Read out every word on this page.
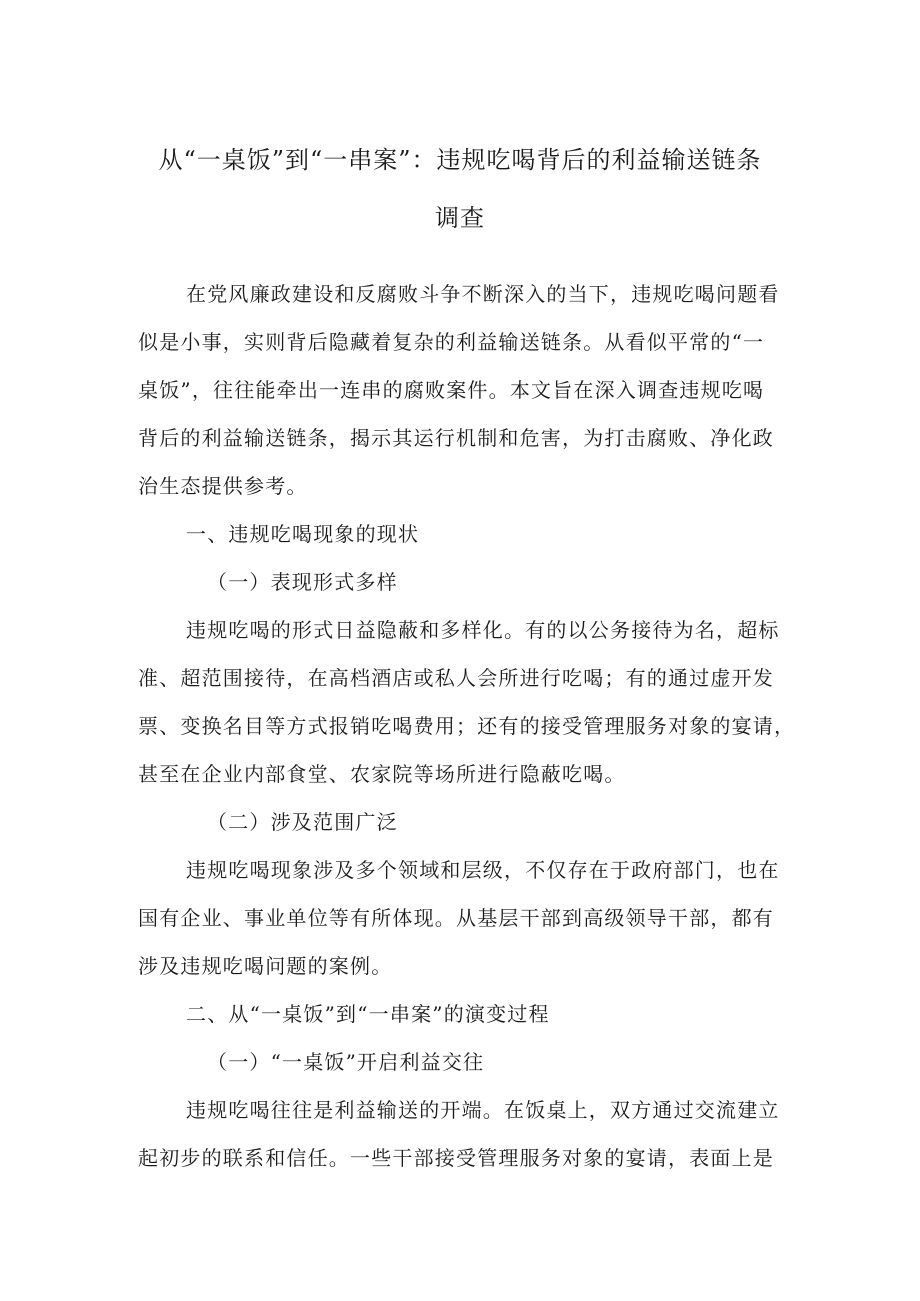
从“一桌饭”到“一串案”：违规吃喝背后的利益输送链条
调查
在党风廉政建设和反腐败斗争不断深入的当下，违规吃喝问题看
似是小事，实则背后隐藏着复杂的利益输送链条。从看似平常的“一
桌饭”，往往能牵出一连串的腐败案件。本文旨在深入调查违规吃喝
背后的利益输送链条，揭示其运行机制和危害，为打击腐败、净化政
治生态提供参考。
一、违规吃喝现象的现状
（一）表现形式多样
违规吃喝的形式日益隐蔽和多样化。有的以公务接待为名，超标
准、超范围接待，在高档酒店或私人会所进行吃喝；有的通过虚开发
票、变换名目等方式报销吃喝费用；还有的接受管理服务对象的宴请，
甚至在企业内部食堂、农家院等场所进行隐蔽吃喝。
（二）涉及范围广泛
违规吃喝现象涉及多个领域和层级，不仅存在于政府部门，也在
国有企业、事业单位等有所体现。从基层干部到高级领导干部，都有
涉及违规吃喝问题的案例。
二、从“一桌饭”到“一串案”的演变过程
（一）“一桌饭”开启利益交往
违规吃喝往往是利益输送的开端。在饭桌上，双方通过交流建立
起初步的联系和信任。一些干部接受管理服务对象的宴请，表面上是
